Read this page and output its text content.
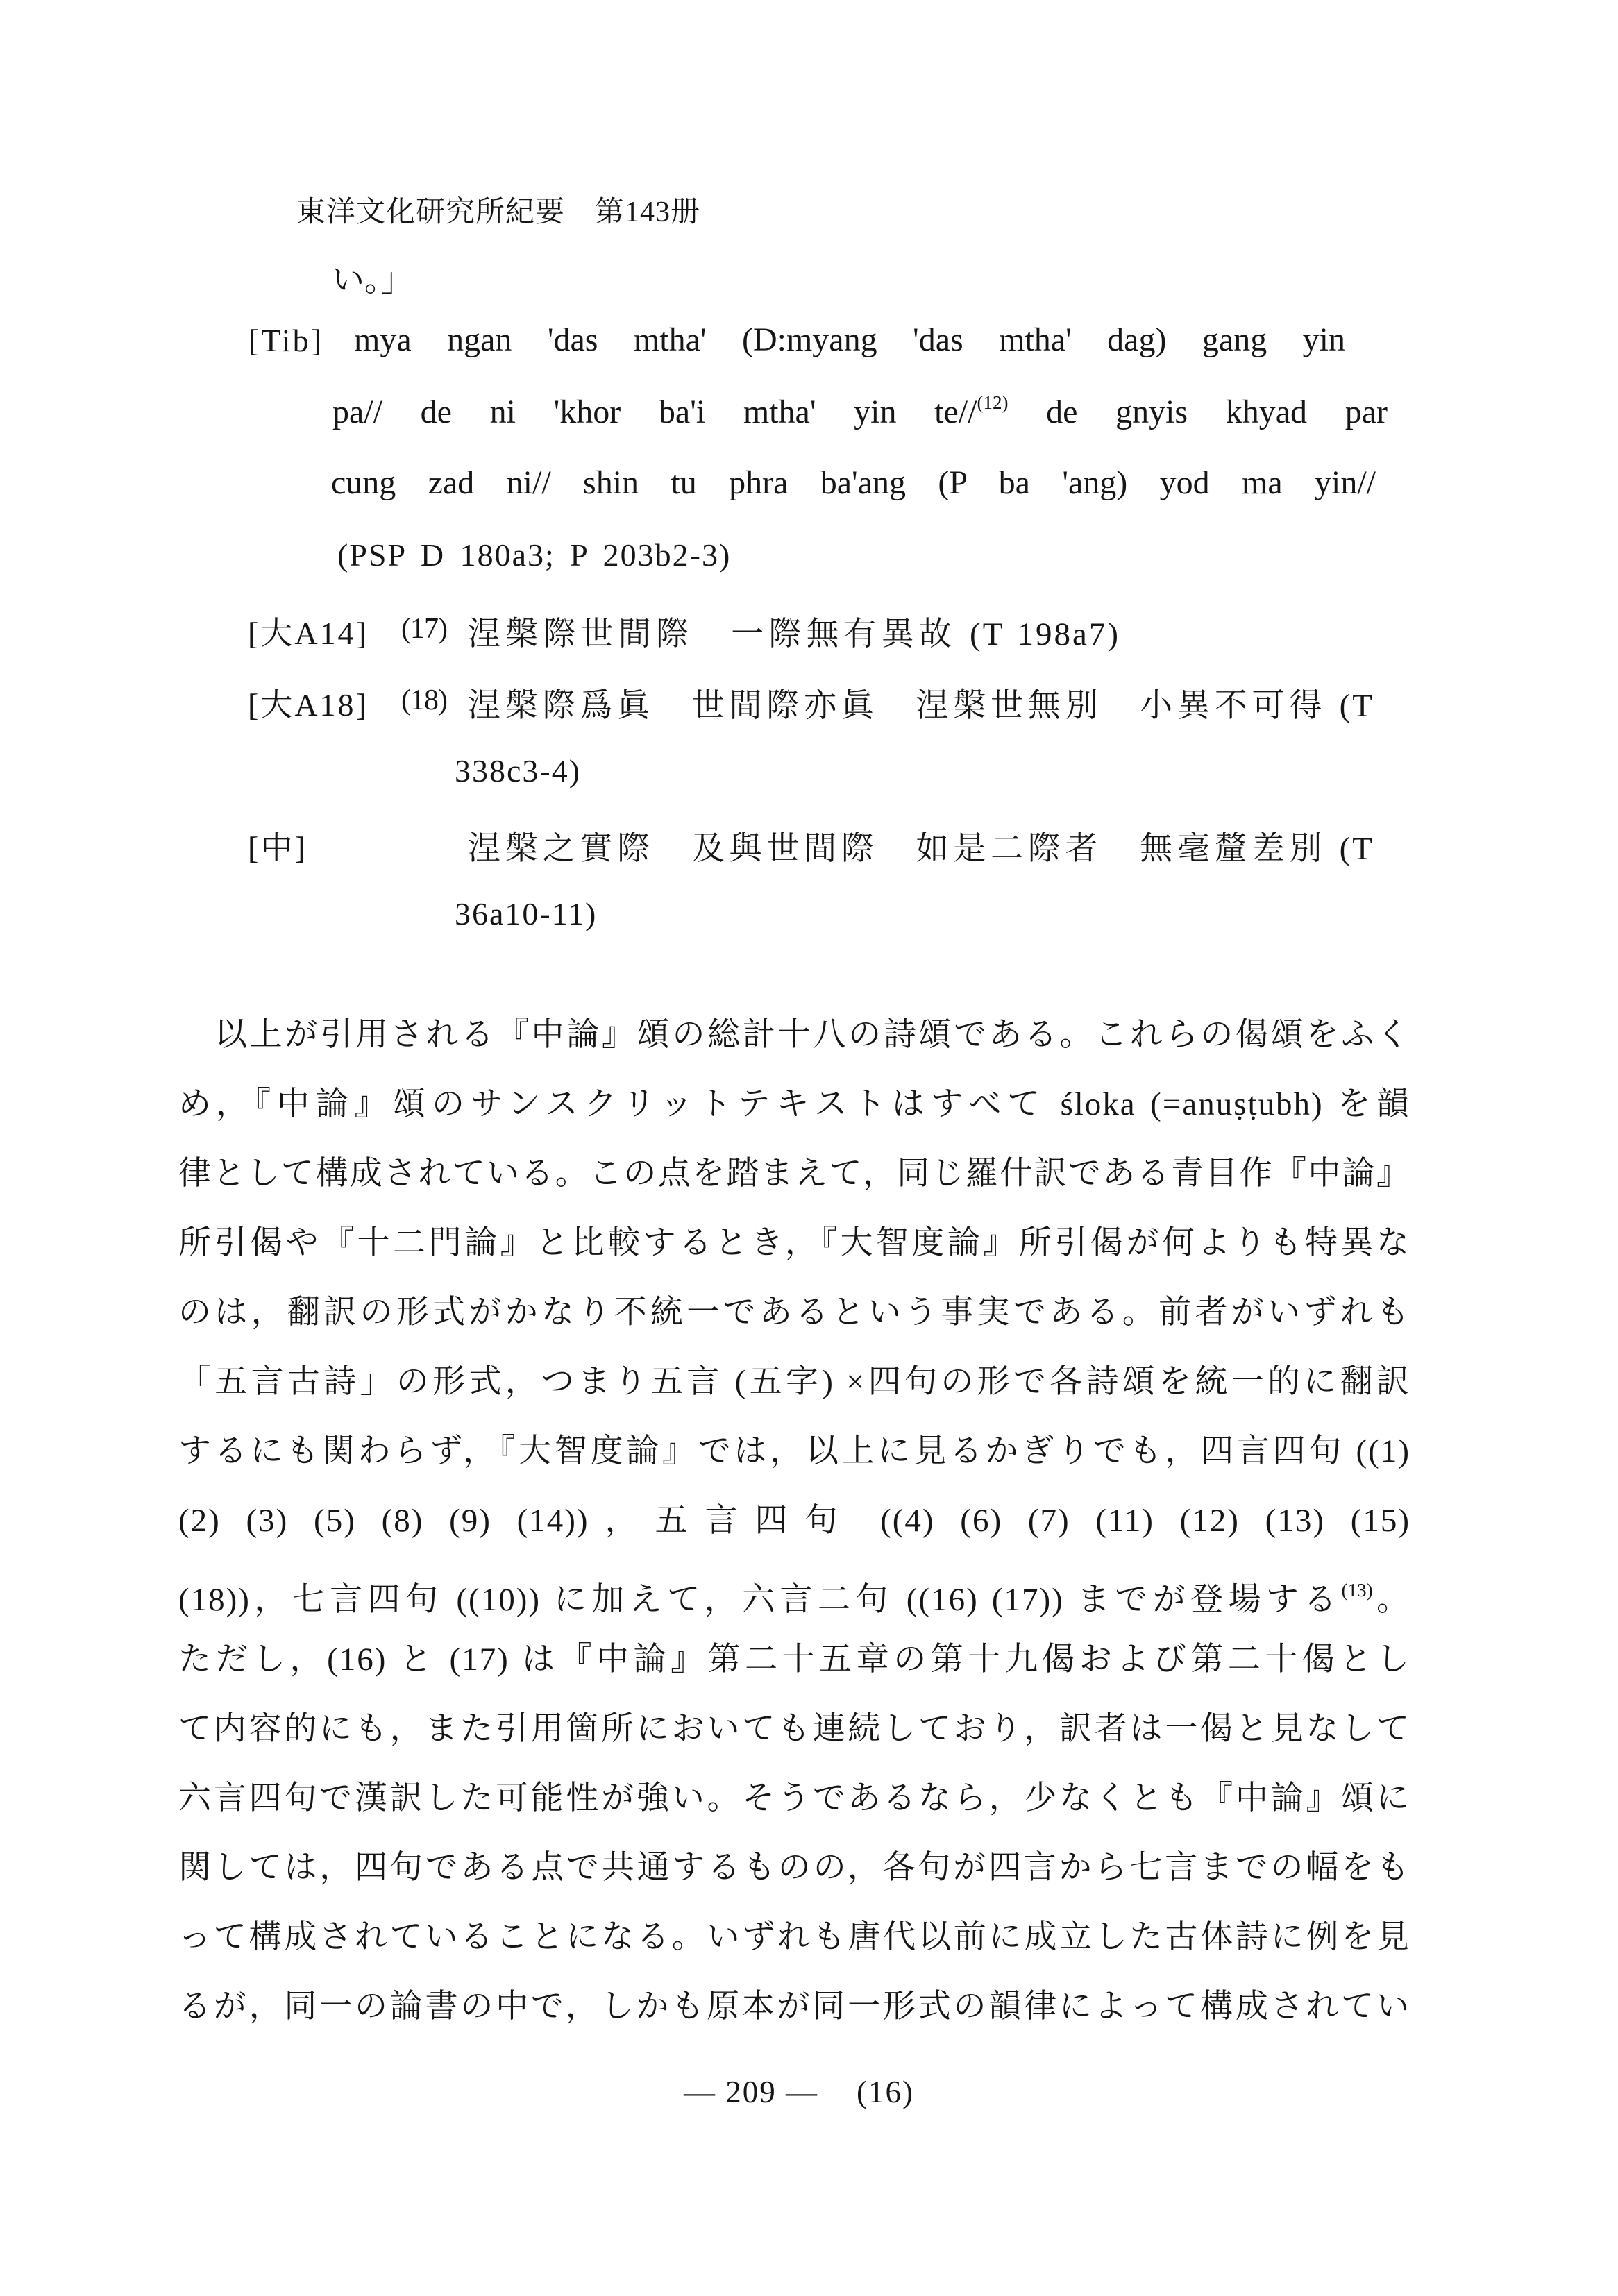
東洋文化研究所紀要　第143册
い。」
[Tib] mya ngan 'das mtha' (D:myang 'das mtha' dag) gang yin
pa// de ni 'khor ba'i mtha' yin te//$^{(12)}$ de gnyis khyad par
cung zad ni// shin tu phra ba'ang (P ba 'ang) yod ma yin//
(PSP D 180a3; P 203b2-3)
[大A14] (17) 涅槃際世間際　一際無有異故 (T 198a7)
[大A18] (18) 涅槃際爲眞　世間際亦眞　涅槃世無別　小異不可得 (T
338c3-4)
[中]	涅槃之實際　及與世間際　如是二際者　無毫釐差別 (T
36a10-11)
以上が引用される『中論』頌の総計十八の詩頌である。これらの偈頌をふく
め，『中論』頌のサンスクリットテキストはすべて śloka (=anuṣṭubh) を韻
律として構成されている。この点を踏まえて，同じ羅什訳である青目作『中論』
所引偈や『十二門論』と比較するとき，『大智度論』所引偈が何よりも特異な
のは，翻訳の形式がかなり不統一であるという事実である。前者がいずれも
「五言古詩」の形式，つまり五言 (五字) ×四句の形で各詩頌を統一的に翻訳
するにも関わらず，『大智度論』では，以上に見るかぎりでも，四言四句 ((1)
(2) (3) (5) (8) (9) (14))，五言四句 ((4) (6) (7) (11) (12) (13) (15)
(18))，七言四句 ((10)) に加えて，六言二句 ((16) (17)) までが登場する$^{(13)}$。
ただし，(16) と (17) は『中論』第二十五章の第十九偈および第二十偈とし
て内容的にも，また引用箇所においても連続しており，訳者は一偈と見なして
六言四句で漢訳した可能性が強い。そうであるなら，少なくとも『中論』頌に
関しては，四句である点で共通するものの，各句が四言から七言までの幅をも
って構成されていることになる。いずれも唐代以前に成立した古体詩に例を見
るが，同一の論書の中で，しかも原本が同一形式の韻律によって構成されてい
— 209 — (16)
